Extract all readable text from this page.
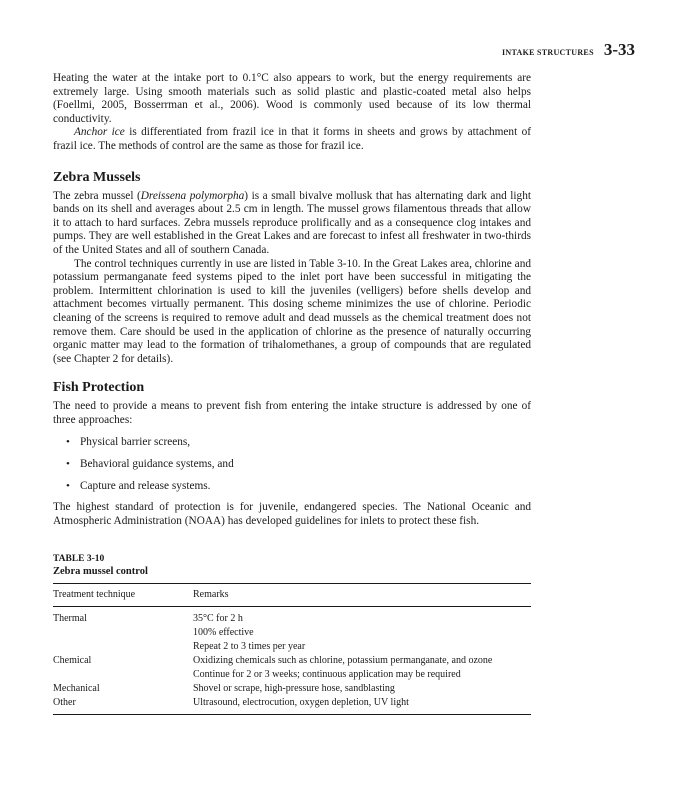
INTAKE STRUCTURES 3-33

Heating the water at the intake port to 0.1°C also appears to work, but the energy requirements are extremely large. Using smooth materials such as solid plastic and plastic-coated metal also helps (Foellmi, 2005, Bosserrman et al., 2006). Wood is commonly used because of its low thermal conductivity.

Anchor ice is differentiated from frazil ice in that it forms in sheets and grows by attachment of frazil ice. The methods of control are the same as those for frazil ice.

Zebra Mussels

The zebra mussel (Dreissena polymorpha) is a small bivalve mollusk that has alternating dark and light bands on its shell and averages about 2.5 cm in length. The mussel grows filamentous threads that allow it to attach to hard surfaces. Zebra mussels reproduce prolifically and as a consequence clog intakes and pumps. They are well established in the Great Lakes and are forecast to infest all freshwater in two-thirds of the United States and all of southern Canada.

The control techniques currently in use are listed in Table 3-10. In the Great Lakes area, chlorine and potassium permanganate feed systems piped to the inlet port have been successful in mitigating the problem. Intermittent chlorination is used to kill the juveniles (velligers) before shells develop and attachment becomes virtually permanent. This dosing scheme minimizes the use of chlorine. Periodic cleaning of the screens is required to remove adult and dead mussels as the chemical treatment does not remove them. Care should be used in the application of chlorine as the presence of naturally occurring organic matter may lead to the formation of trihalomethanes, a group of compounds that are regulated (see Chapter 2 for details).

Fish Protection

The need to provide a means to prevent fish from entering the intake structure is addressed by one of three approaches:

• Physical barrier screens,
• Behavioral guidance systems, and
• Capture and release systems.

The highest standard of protection is for juvenile, endangered species. The National Oceanic and Atmospheric Administration (NOAA) has developed guidelines for inlets to protect these fish.

TABLE 3-10
Zebra mussel control
Treatment technique	Remarks
Thermal	35°C for 2 h
100% effective
Repeat 2 to 3 times per year

Chemical	Oxidizing chemicals such as chlorine, potassium permanganate, and ozone
Continue for 2 or 3 weeks; continuous application may be required

Mechanical	Shovel or scrape, high-pressure hose, sandblasting

Other	Ultrasound, electrocution, oxygen depletion, UV light
